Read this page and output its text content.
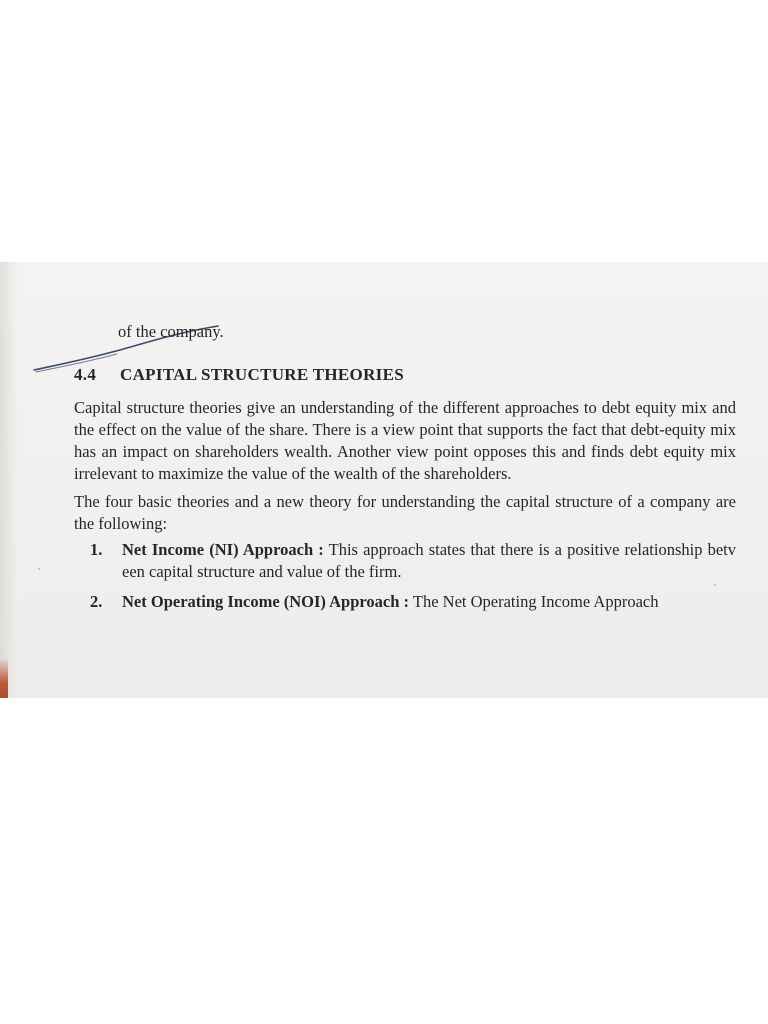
of the company.

4.4 CAPITAL STRUCTURE THEORIES

Capital structure theories give an understanding of the different approaches to debt equity mix and the effect on the value of the share. There is a view point that supports the fact that debt-equity mix has an impact on shareholders wealth. Another view point opposes this and finds debt equity mix irrelevant to maximize the value of the wealth of the shareholders.

The four basic theories and a new theory for understanding the capital structure of a company are the following:

1. Net Income (NI) Approach : This approach states that there is a positive relationship betv een capital structure and value of the firm.
2. Net Operating Income (NOI) Approach : The Net Operating Income Approach
